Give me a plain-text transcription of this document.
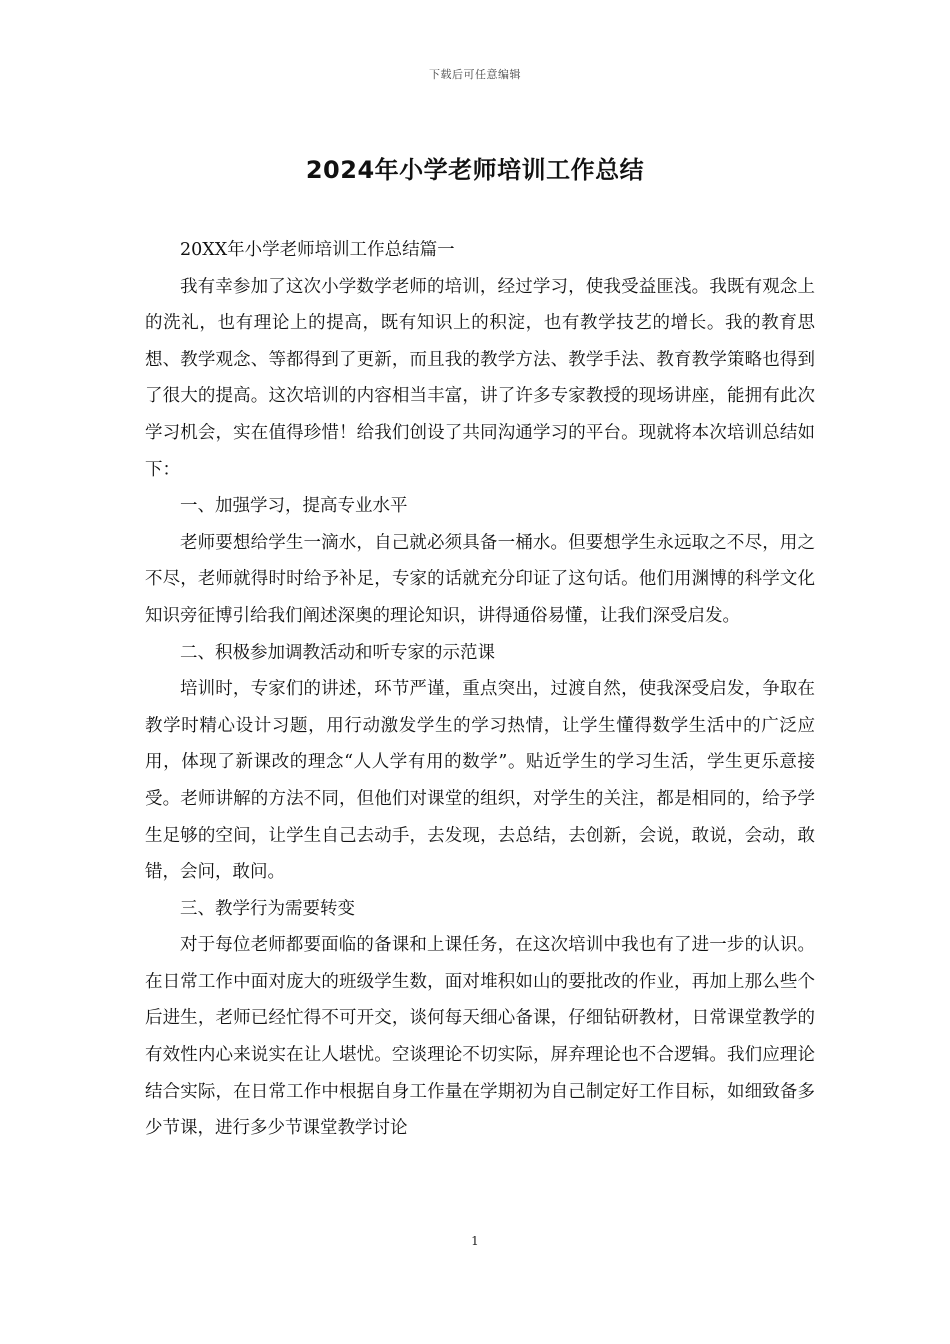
下载后可任意编辑
2024年小学老师培训工作总结

20XX年小学老师培训工作总结篇一

我有幸参加了这次小学数学老师的培训，经过学习，使我受益匪浅。我既有观念上的洗礼，也有理论上的提高，既有知识上的积淀，也有教学技艺的增长。我的教育思想、教学观念、等都得到了更新，而且我的教学方法、教学手法、教育教学策略也得到了很大的提高。这次培训的内容相当丰富，讲了许多专家教授的现场讲座，能拥有此次学习机会，实在值得珍惜！给我们创设了共同沟通学习的平台。现就将本次培训总结如下：

一、加强学习，提高专业水平

老师要想给学生一滴水，自己就必须具备一桶水。但要想学生永远取之不尽，用之不尽，老师就得时时给予补足，专家的话就充分印证了这句话。他们用渊博的科学文化知识旁征博引给我们阐述深奥的理论知识，讲得通俗易懂，让我们深受启发。

二、积极参加调教活动和听专家的示范课

培训时，专家们的讲述，环节严谨，重点突出，过渡自然，使我深受启发，争取在教学时精心设计习题，用行动激发学生的学习热情，让学生懂得数学生活中的广泛应用，体现了新课改的理念“人人学有用的数学”。贴近学生的学习生活，学生更乐意接受。老师讲解的方法不同，但他们对课堂的组织，对学生的关注，都是相同的，给予学生足够的空间，让学生自己去动手，去发现，去总结，去创新，会说，敢说，会动，敢错，会问，敢问。

三、教学行为需要转变

对于每位老师都要面临的备课和上课任务，在这次培训中我也有了进一步的认识。在日常工作中面对庞大的班级学生数，面对堆积如山的要批改的作业，再加上那么些个后进生，老师已经忙得不可开交，谈何每天细心备课，仔细钻研教材，日常课堂教学的有效性内心来说实在让人堪忧。空谈理论不切实际，屏弃理论也不合逻辑。我们应理论结合实际，在日常工作中根据自身工作量在学期初为自己制定好工作目标，如细致备多少节课，进行多少节课堂教学讨论

1
